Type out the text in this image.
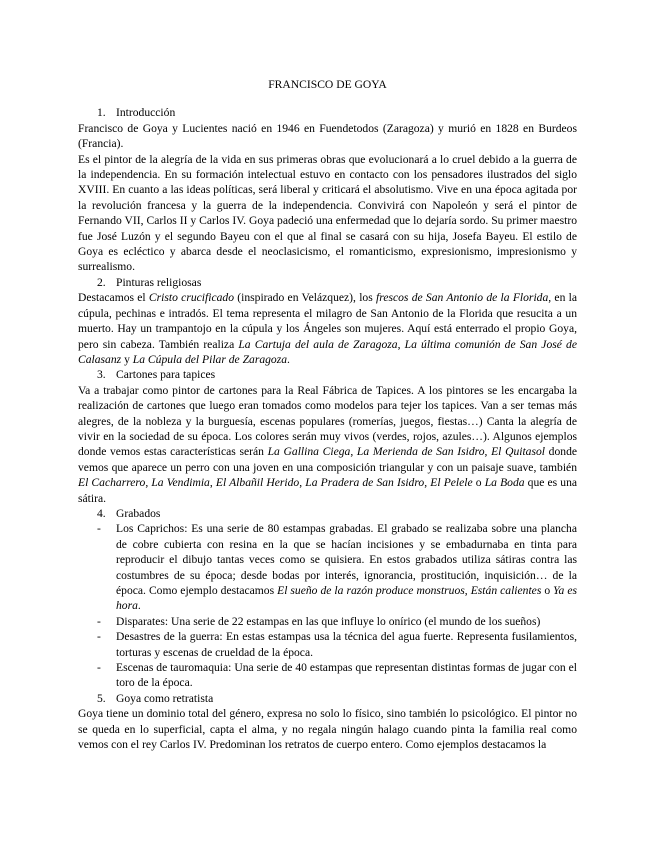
FRANCISCO DE GOYA
1. Introducción

Francisco de Goya y Lucientes nació en 1946 en Fuendetodos (Zaragoza) y murió en 1828 en Burdeos (Francia).

Es el pintor de la alegría de la vida en sus primeras obras que evolucionará a lo cruel debido a la guerra de la independencia. En su formación intelectual estuvo en contacto con los pensadores ilustrados del siglo XVIII. En cuanto a las ideas políticas, será liberal y criticará el absolutismo. Vive en una época agitada por la revolución francesa y la guerra de la independencia. Convivirá con Napoleón y será el pintor de Fernando VII, Carlos II y Carlos IV. Goya padeció una enfermedad que lo dejaría sordo. Su primer maestro fue José Luzón y el segundo Bayeu con el que al final se casará con su hija, Josefa Bayeu. El estilo de Goya es ecléctico y abarca desde el neoclasicismo, el romanticismo, expresionismo, impresionismo y surrealismo.

2. Pinturas religiosas

Destacamos el Cristo crucificado (inspirado en Velázquez), los frescos de San Antonio de la Florida, en la cúpula, pechinas e intradós. El tema representa el milagro de San Antonio de la Florida que resucita a un muerto. Hay un trampantojo en la cúpula y los Ángeles son mujeres. Aquí está enterrado el propio Goya, pero sin cabeza. También realiza La Cartuja del aula de Zaragoza, La última comunión de San José de Calasanz y La Cúpula del Pilar de Zaragoza.

3. Cartones para tapices

Va a trabajar como pintor de cartones para la Real Fábrica de Tapices. A los pintores se les encargaba la realización de cartones que luego eran tomados como modelos para tejer los tapices. Van a ser temas más alegres, de la nobleza y la burguesía, escenas populares (romerías, juegos, fiestas…) Canta la alegría de vivir en la sociedad de su época. Los colores serán muy vivos (verdes, rojos, azules…). Algunos ejemplos donde vemos estas características serán La Gallina Ciega, La Merienda de San Isidro, El Quitasol donde vemos que aparece un perro con una joven en una composición triangular y con un paisaje suave, también El Cacharrero, La Vendimia, El Albañil Herido, La Pradera de San Isidro, El Pelele o La Boda que es una sátira.

4. Grabados
- Los Caprichos: Es una serie de 80 estampas grabadas. El grabado se realizaba sobre una plancha de cobre cubierta con resina en la que se hacían incisiones y se embadurnaba en tinta para reproducir el dibujo tantas veces como se quisiera. En estos grabados utiliza sátiras contra las costumbres de su época; desde bodas por interés, ignorancia, prostitución, inquisición… de la época. Como ejemplo destacamos El sueño de la razón produce monstruos, Están calientes o Ya es hora.
- Disparates: Una serie de 22 estampas en las que influye lo onírico (el mundo de los sueños)
- Desastres de la guerra: En estas estampas usa la técnica del agua fuerte. Representa fusilamientos, torturas y escenas de crueldad de la época.
- Escenas de tauromaquia: Una serie de 40 estampas que representan distintas formas de jugar con el toro de la época.
5. Goya como retratista

Goya tiene un dominio total del género, expresa no solo lo físico, sino también lo psicológico. El pintor no se queda en lo superficial, capta el alma, y no regala ningún halago cuando pinta la familia real como vemos con el rey Carlos IV. Predominan los retratos de cuerpo entero. Como ejemplos destacamos la
